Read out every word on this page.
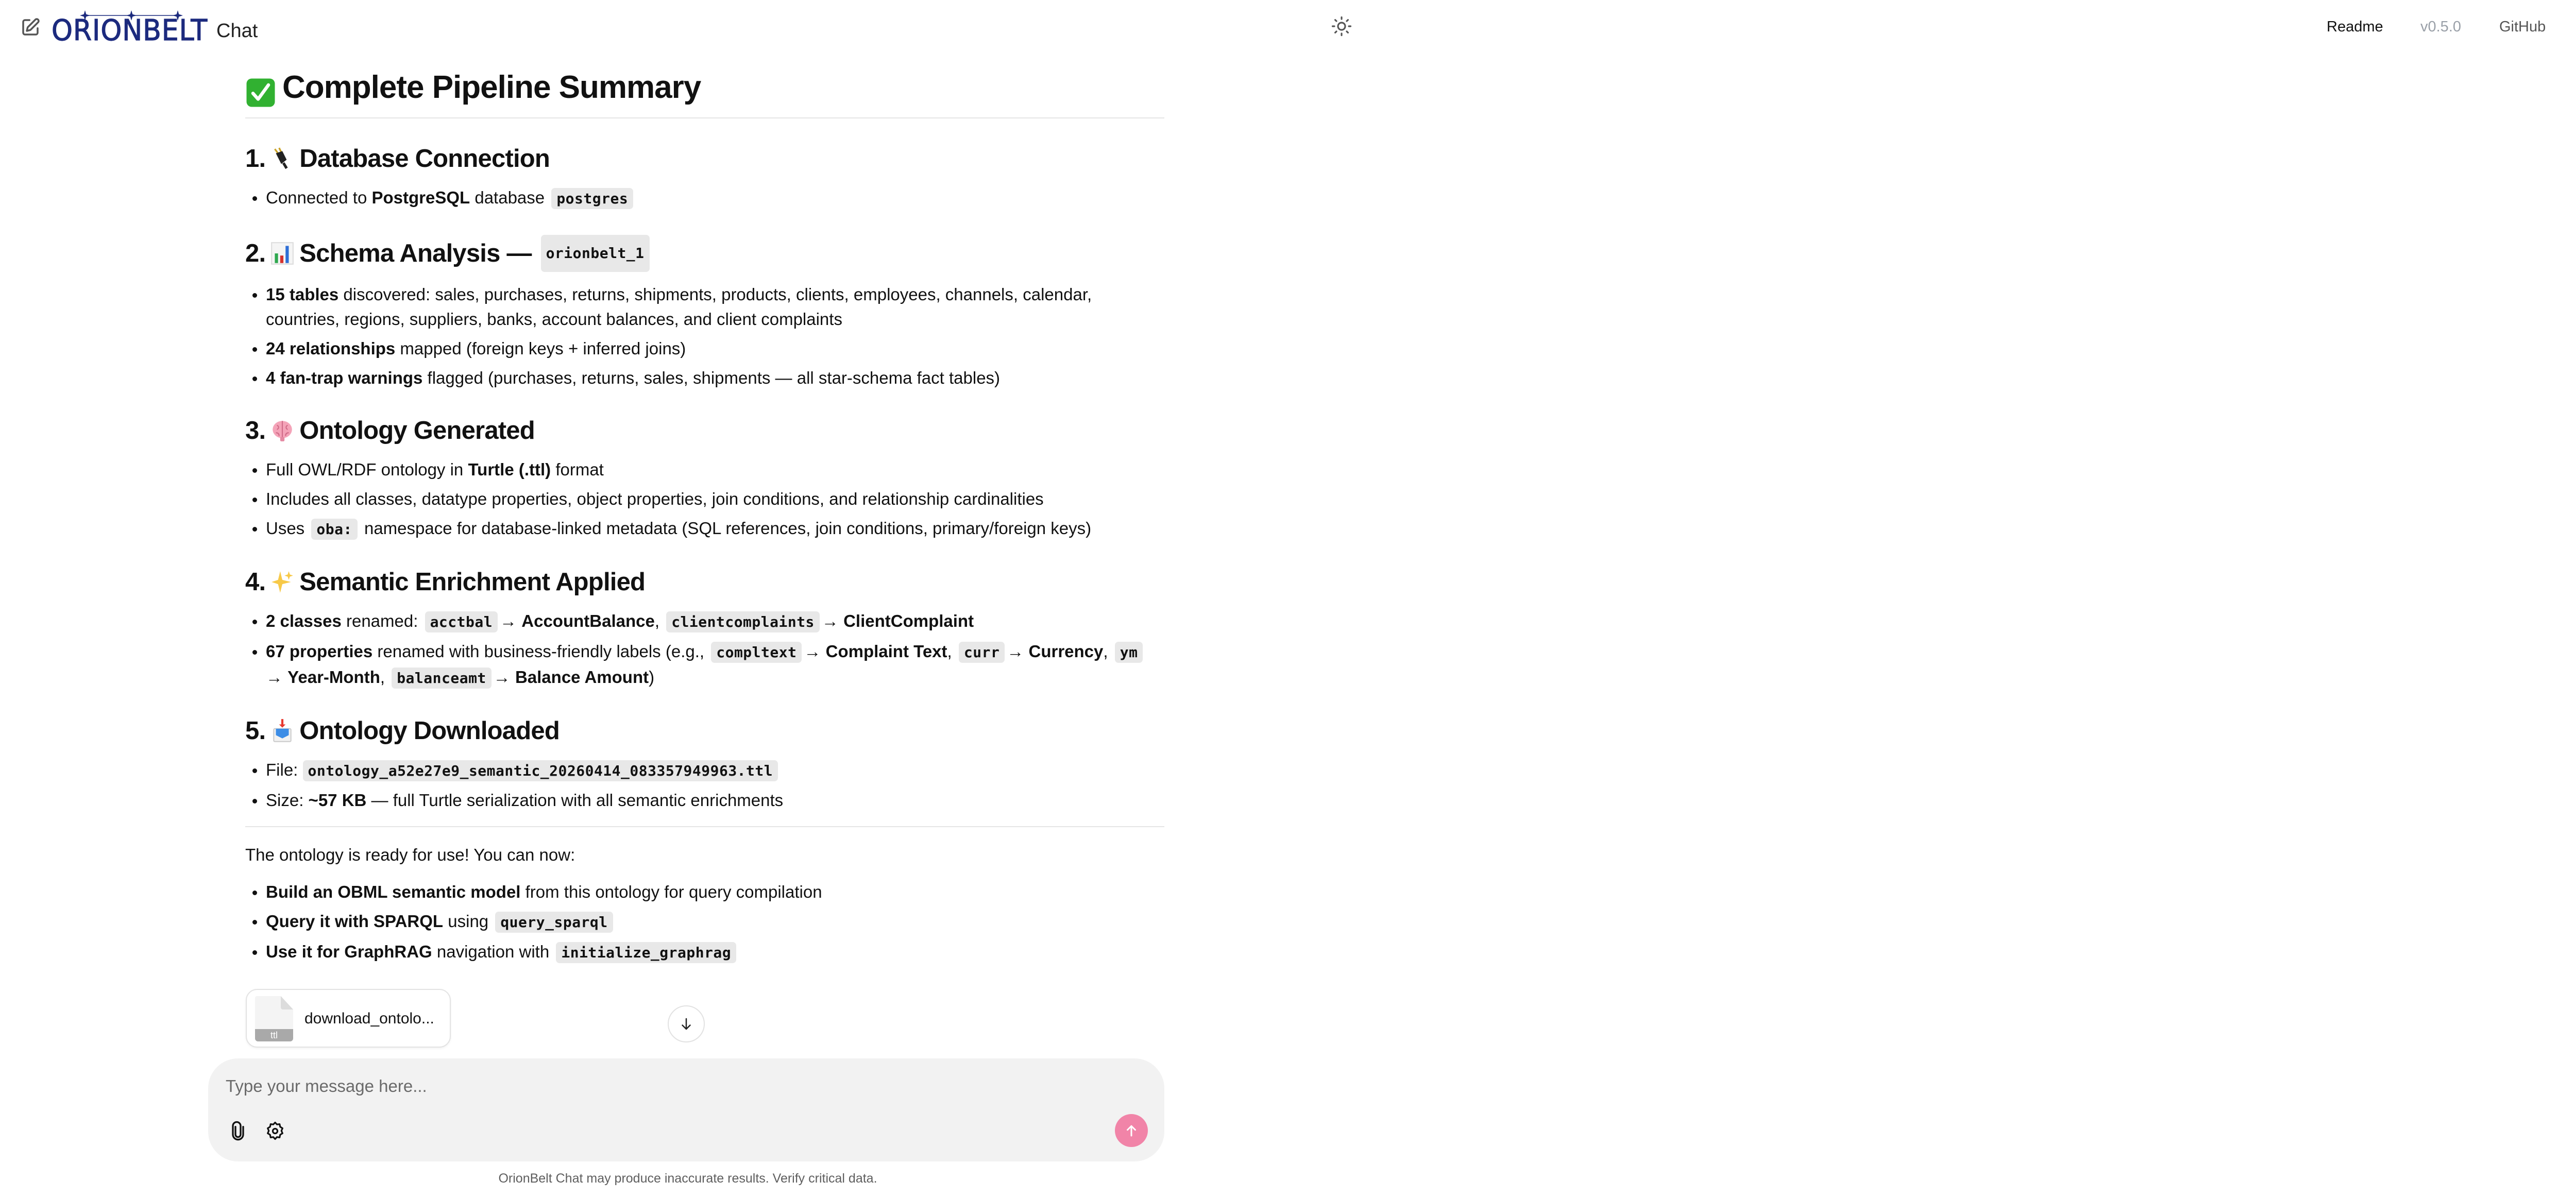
ORIONBELT Chat	Readme v0.5.0	GitHub
Complete Pipeline Summary
1. Database Connection
Connected to PostgreSQL database postgres
2. Schema Analysis —	orionbelt_1
15 tables discovered: sales, purchases, returns, shipments, products, clients, employees, channels, calendar, countries, regions, suppliers, banks, account balances, and client complaints
24 relationships mapped (foreign keys + inferred joins)
4 fan-trap warnings flagged (purchases, returns, sales, shipments — all star-schema fact tables)
3. Ontology Generated
Full OWL/RDF ontology in Turtle (.ttl) format
Includes all classes, datatype properties, object properties, join conditions, and relationship cardinalities
Uses oba: namespace for database-linked metadata (SQL references, join conditions, primary/foreign keys)
4. Semantic Enrichment Applied
2 classes renamed: acctbal → AccountBalance, clientcomplaints → ClientComplaint
67 properties renamed with business-friendly labels (e.g., compltext → Complaint Text, curr → Currency, ym → Year-Month, balanceamt → Balance Amount)
5. Ontology Downloaded
File: ontology_a52e27e9_semantic_20260414_083357949963.ttl
Size: ~57 KB — full Turtle serialization with all semantic enrichments

The ontology is ready for use! You can now:

Build an OBML semantic model from this ontology for query compilation
Query it with SPARQL using query_sparql
Use it for GraphRAG navigation with initialize_graphrag
ttl
download_ontolo...
Type your message here...
OrionBelt Chat may produce inaccurate results. Verify critical data.
